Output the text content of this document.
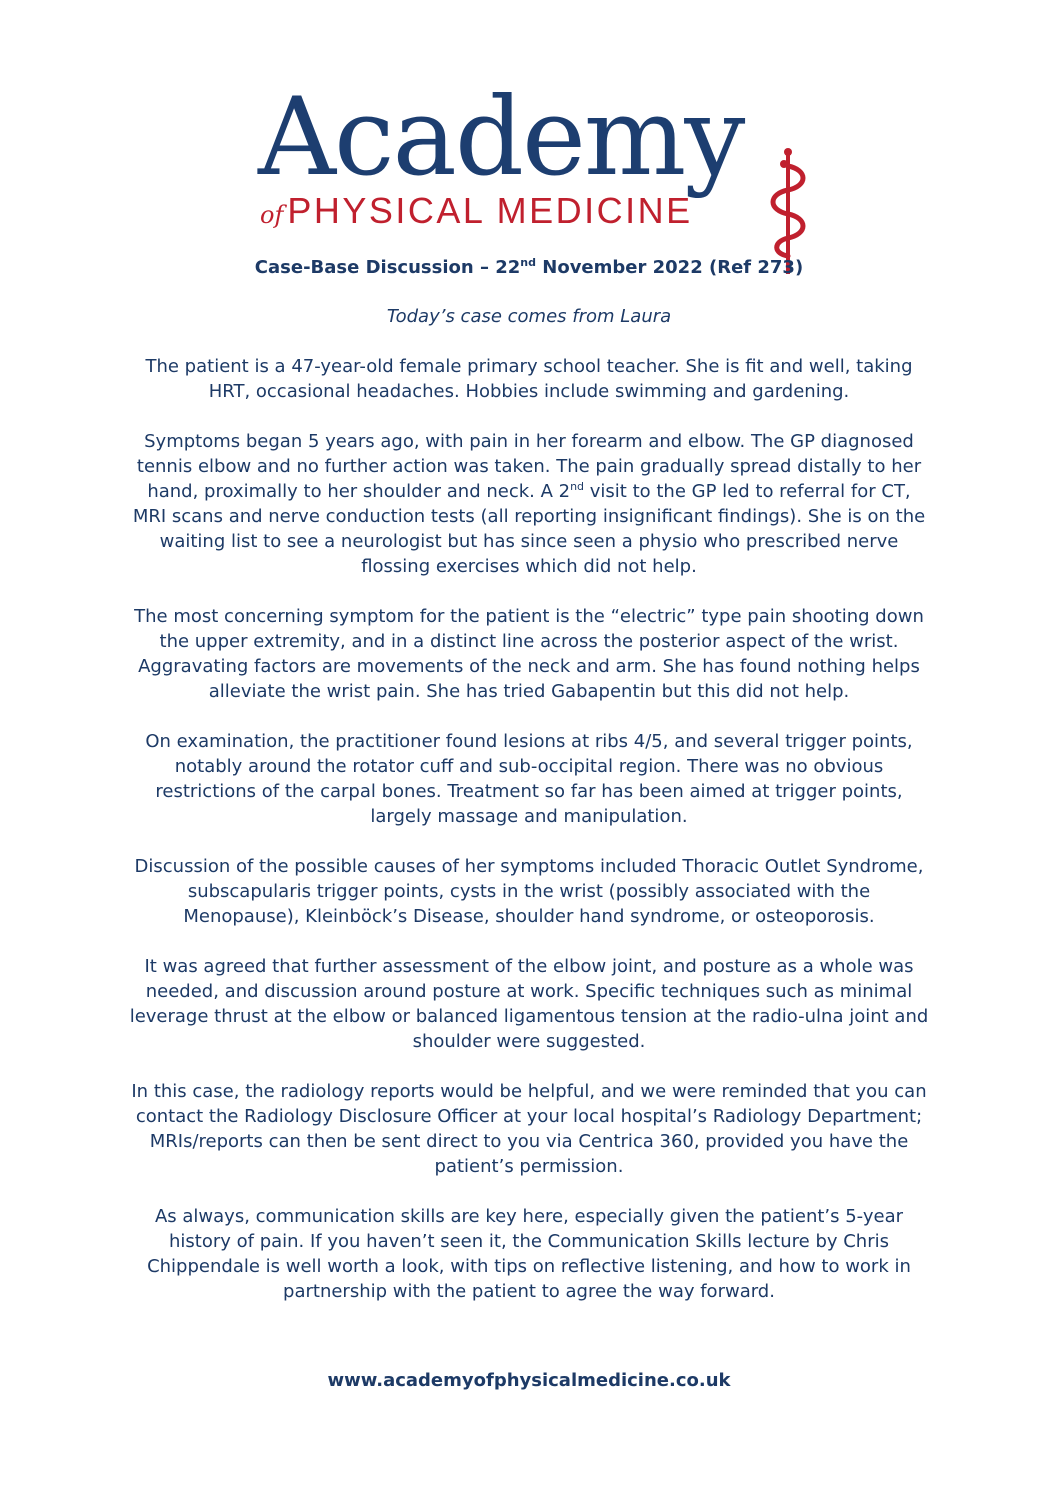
Academy
of PHYSICAL MEDICINE
Case-Base Discussion – 22nd November 2022 (Ref 273)
Today’s case comes from Laura

The patient is a 47-year-old female primary school teacher. She is fit and well, taking HRT, occasional headaches. Hobbies include swimming and gardening.

Symptoms began 5 years ago, with pain in her forearm and elbow. The GP diagnosed tennis elbow and no further action was taken. The pain gradually spread distally to her hand, proximally to her shoulder and neck. A 2nd visit to the GP led to referral for CT, MRI scans and nerve conduction tests (all reporting insignificant findings). She is on the waiting list to see a neurologist but has since seen a physio who prescribed nerve flossing exercises which did not help.

The most concerning symptom for the patient is the “electric” type pain shooting down the upper extremity, and in a distinct line across the posterior aspect of the wrist. Aggravating factors are movements of the neck and arm. She has found nothing helps alleviate the wrist pain. She has tried Gabapentin but this did not help.

On examination, the practitioner found lesions at ribs 4/5, and several trigger points, notably around the rotator cuff and sub-occipital region. There was no obvious restrictions of the carpal bones. Treatment so far has been aimed at trigger points, largely massage and manipulation.

Discussion of the possible causes of her symptoms included Thoracic Outlet Syndrome, subscapularis trigger points, cysts in the wrist (possibly associated with the Menopause), Kleinböck’s Disease, shoulder hand syndrome, or osteoporosis.

It was agreed that further assessment of the elbow joint, and posture as a whole was needed, and discussion around posture at work. Specific techniques such as minimal leverage thrust at the elbow or balanced ligamentous tension at the radio-ulna joint and shoulder were suggested.

In this case, the radiology reports would be helpful, and we were reminded that you can contact the Radiology Disclosure Officer at your local hospital’s Radiology Department; MRIs/reports can then be sent direct to you via Centrica 360, provided you have the patient’s permission.

As always, communication skills are key here, especially given the patient’s 5-year history of pain. If you haven’t seen it, the Communication Skills lecture by Chris Chippendale is well worth a look, with tips on reflective listening, and how to work in partnership with the patient to agree the way forward.

www.academyofphysicalmedicine.co.uk
